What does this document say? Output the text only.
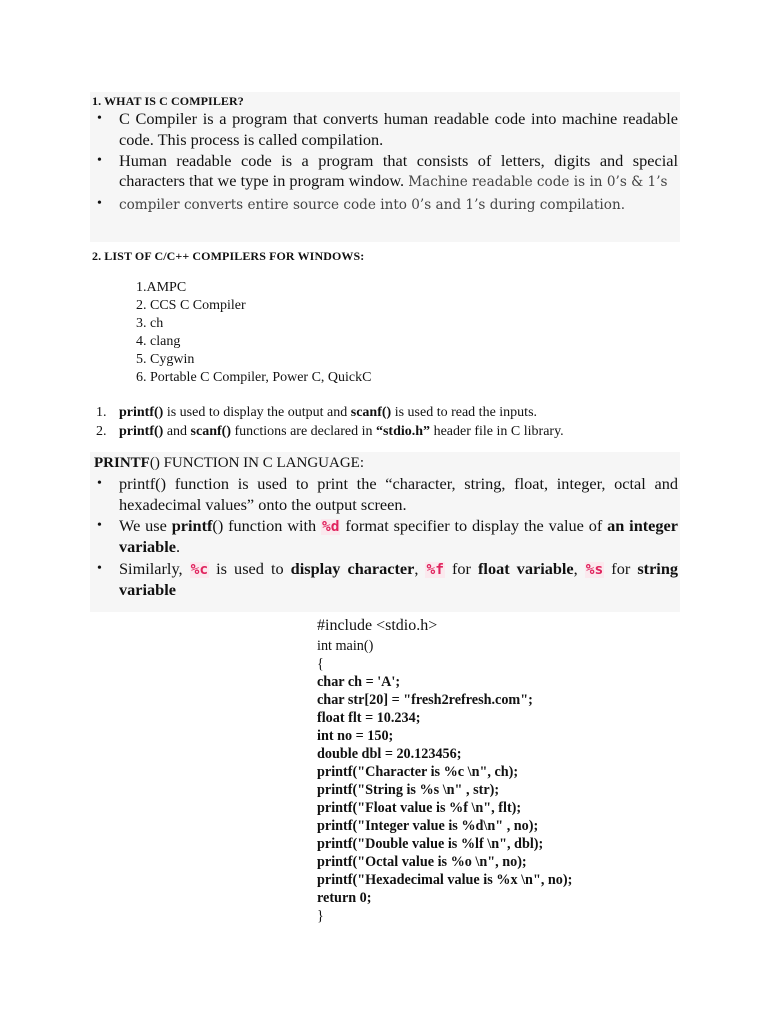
1. WHAT IS C COMPILER?
• C Compiler is a program that converts human readable code into machine readable code. This process is called compilation.
• Human readable code is a program that consists of letters, digits and special characters that we type in program window. Machine readable code is in 0’s & 1’s
• compiler converts entire source code into 0’s and 1’s during compilation.
2. LIST OF C/C++ COMPILERS FOR WINDOWS:
1.AMPC
2. CCS C Compiler
3. ch
4. clang
5. Cygwin
6. Portable C Compiler, Power C, QuickC
1. printf() is used to display the output and scanf() is used to read the inputs.
2. printf() and scanf() functions are declared in “stdio.h” header file in C library.
PRINTF() FUNCTION IN C LANGUAGE:
• printf() function is used to print the “character, string, float, integer, octal and hexadecimal values” onto the output screen.
• We use printf() function with %d format specifier to display the value of an integer variable.
• Similarly, %c is used to display character, %f for float variable, %s for string variable
#include <stdio.h>
int main()
{
char ch = 'A';
char str[20] = "fresh2refresh.com";
float flt = 10.234;
int no = 150;
double dbl = 20.123456;
printf("Character is %c \n", ch);
printf("String is %s \n" , str);
printf("Float value is %f \n", flt);
printf("Integer value is %d\n" , no);
printf("Double value is %lf \n", dbl);
printf("Octal value is %o \n", no);
printf("Hexadecimal value is %x \n", no);
return 0;
}
